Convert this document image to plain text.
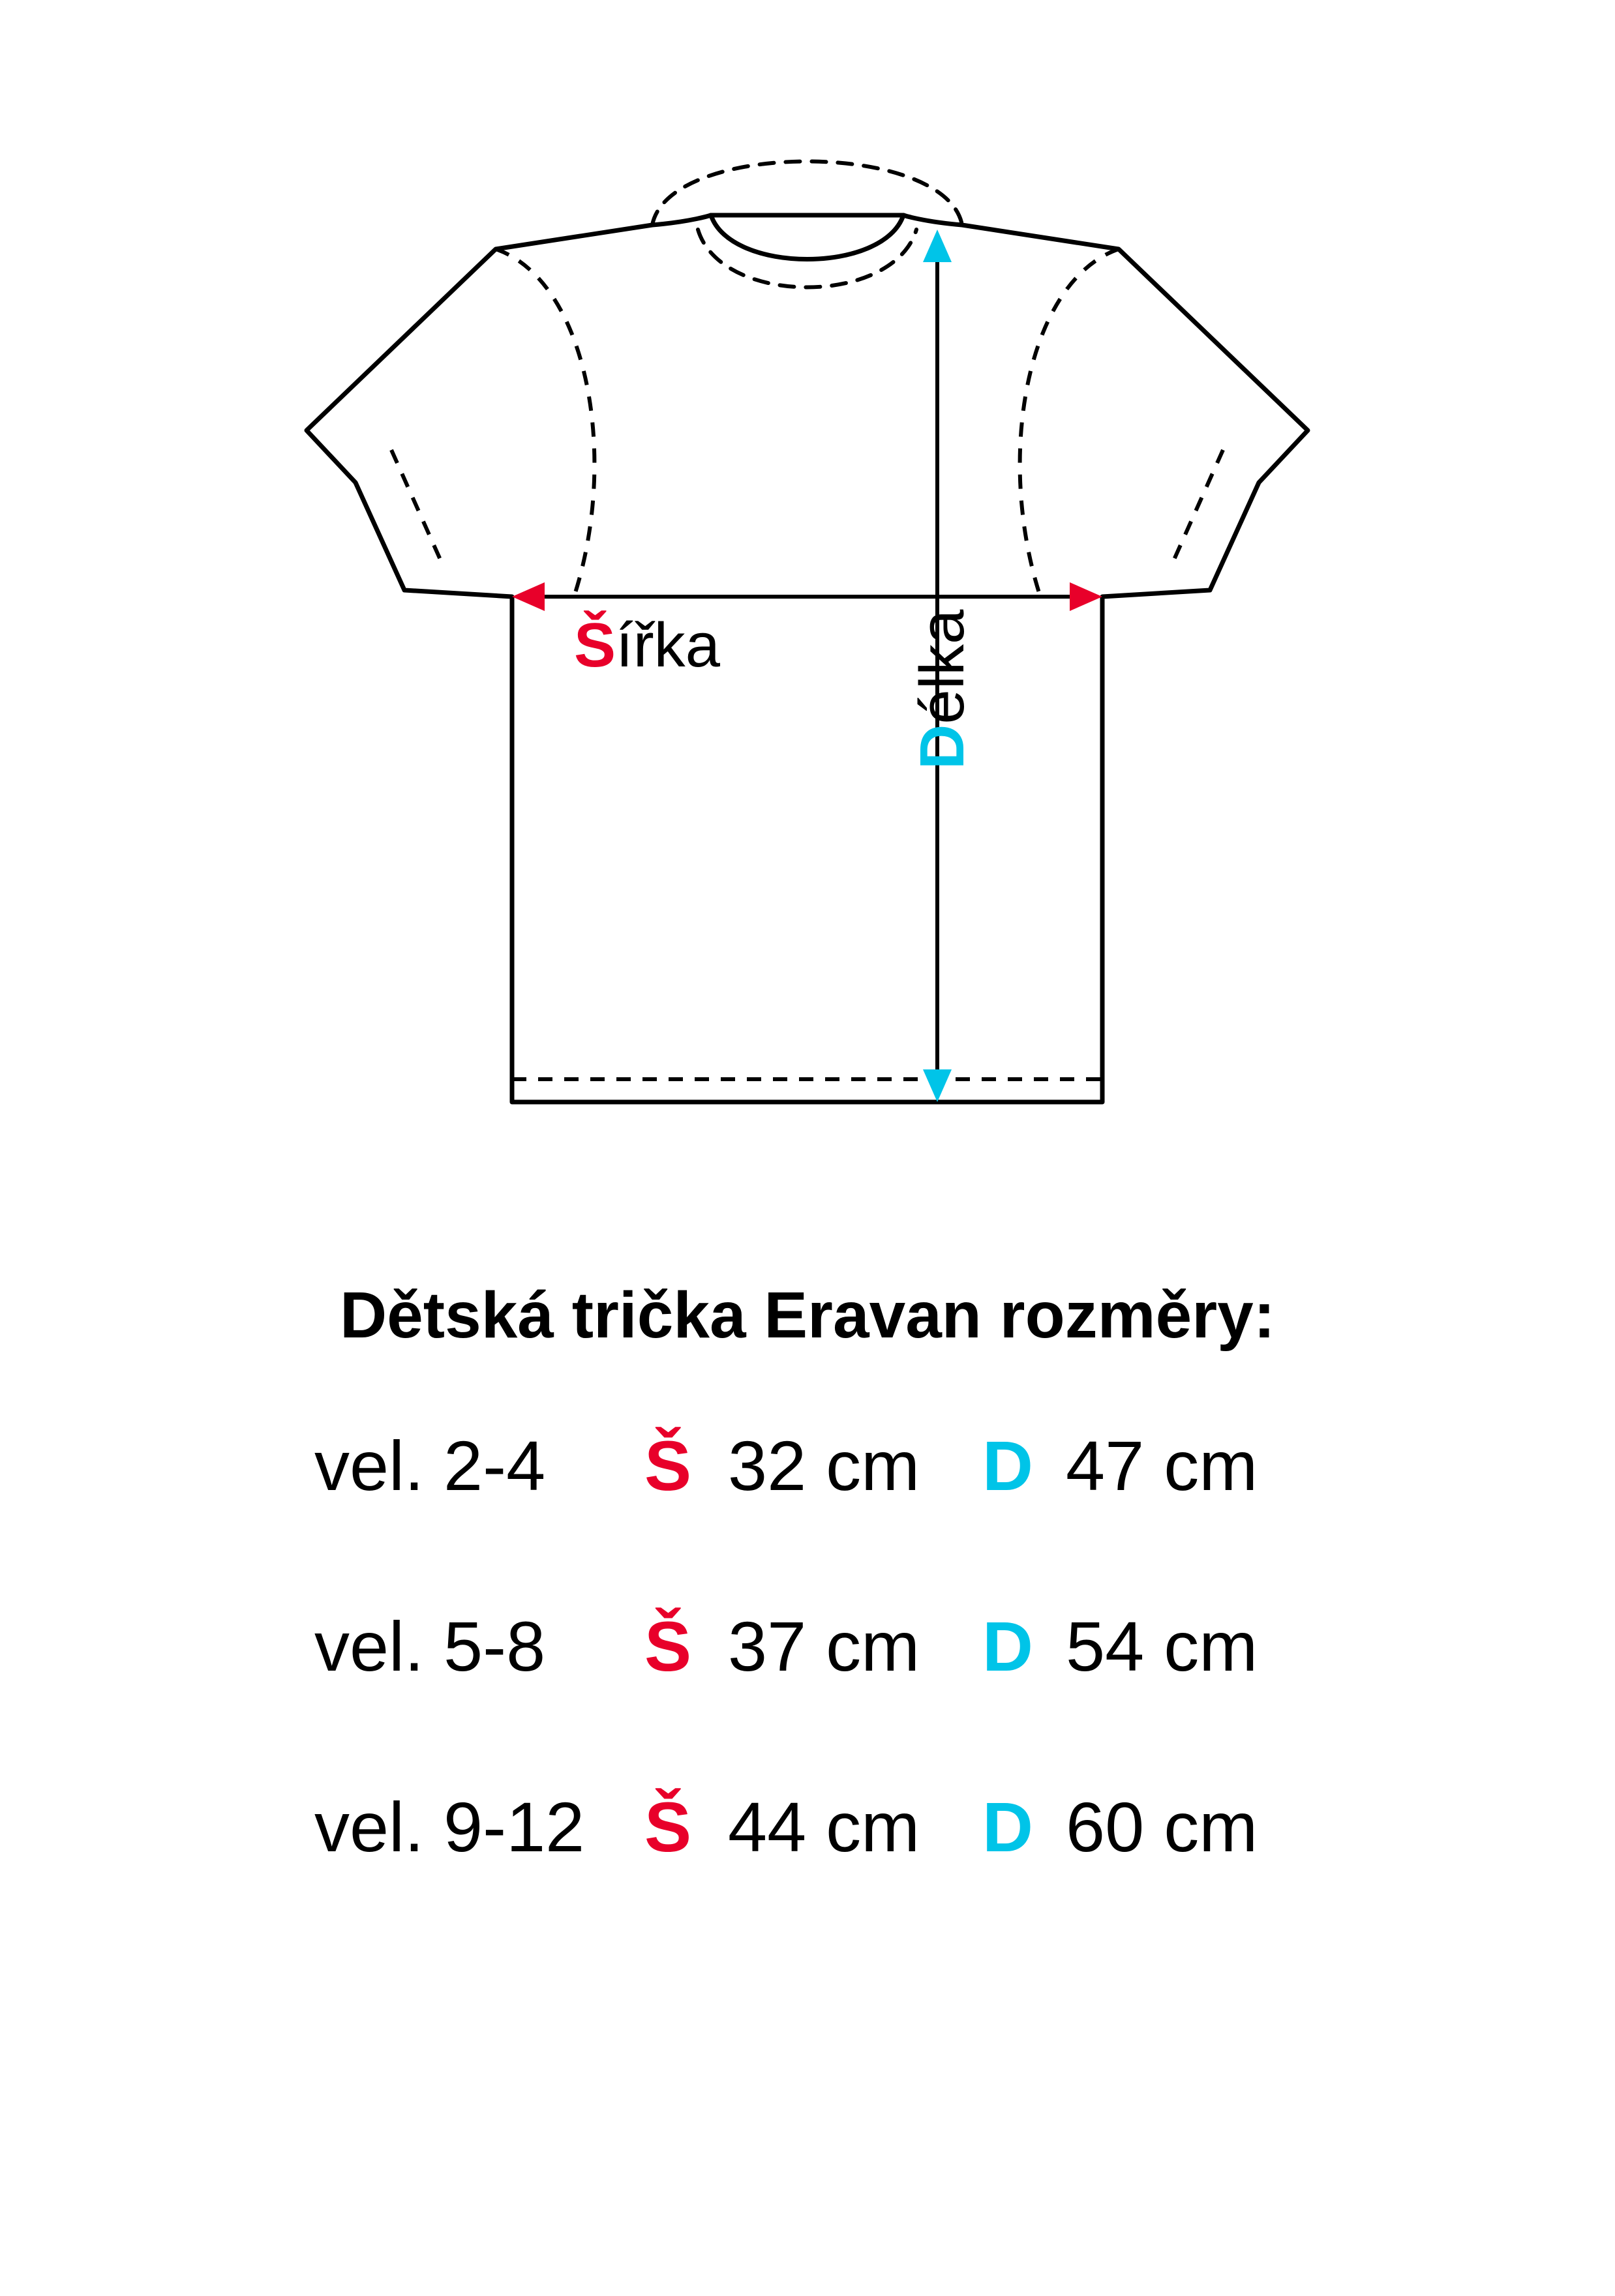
Šířka
Délka
Dětská trička Eravan rozměry:
vel. 2-4 Š 32 cm D 47 cm
vel. 5-8 Š 37 cm D 54 cm
vel. 9-12 Š 44 cm D 60 cm
